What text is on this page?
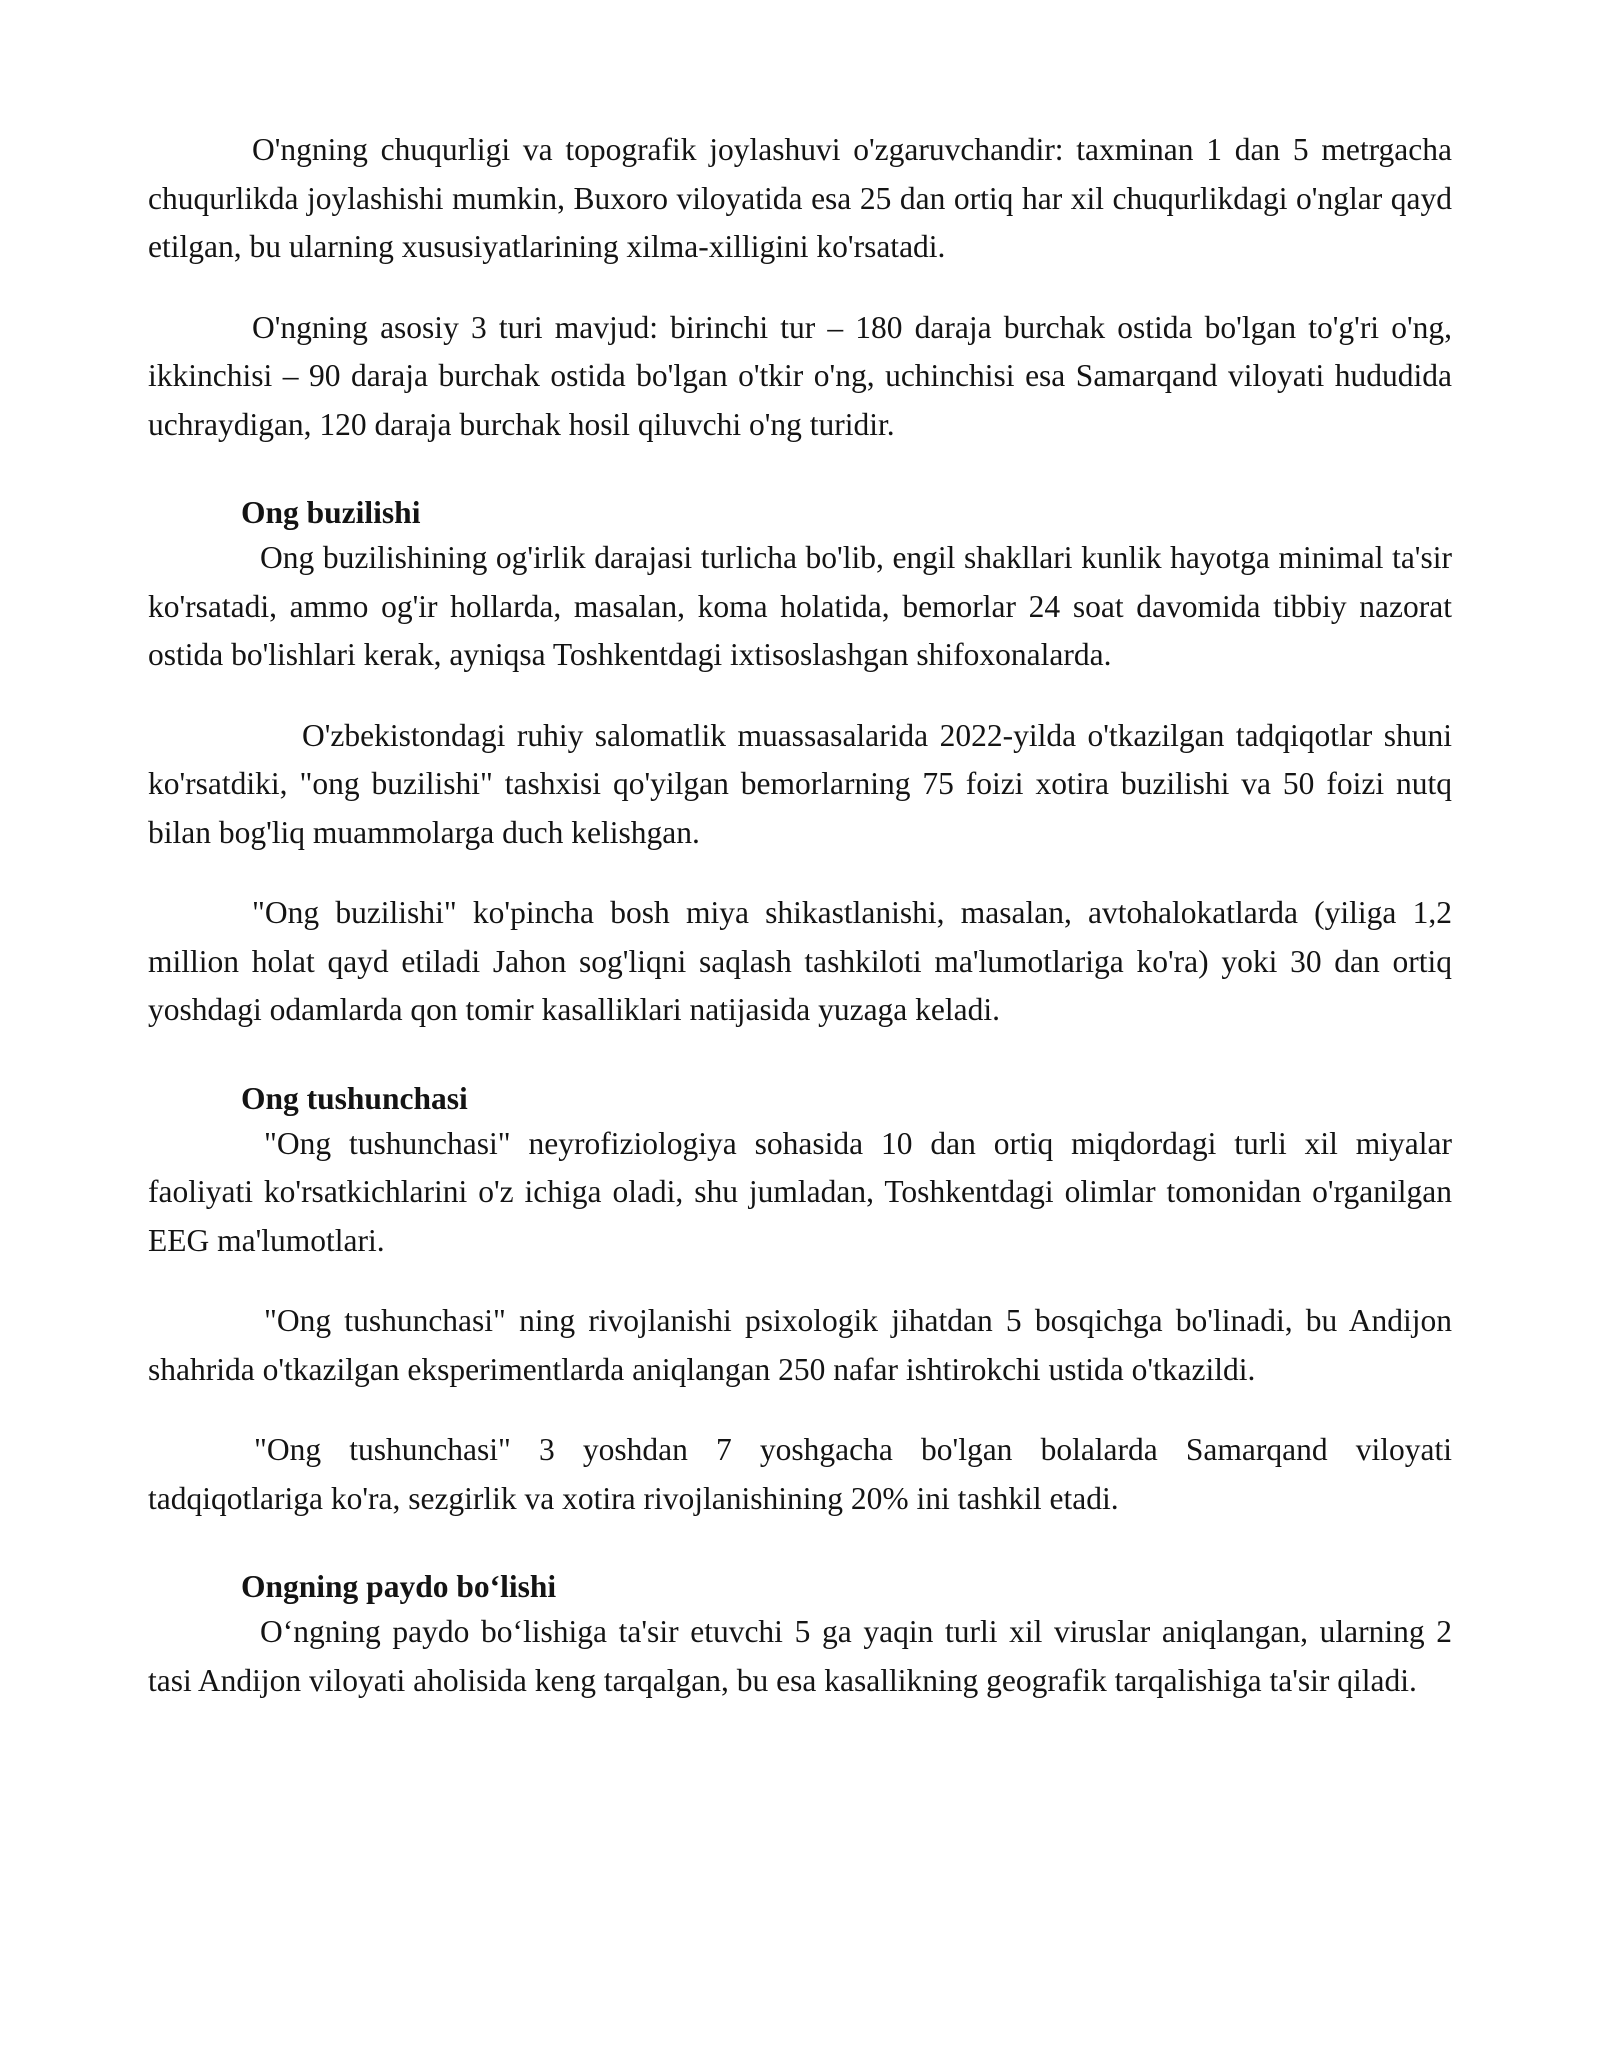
O'ngning chuqurligi va topografik joylashuvi o'zgaruvchandir: taxminan 1 dan 5 metrgacha chuqurlikda joylashishi mumkin, Buxoro viloyatida esa 25 dan ortiq har xil chuqurlikdagi o'nglar qayd etilgan, bu ularning xususiyatlarining xilma-xilligini ko'rsatadi.

O'ngning asosiy 3 turi mavjud: birinchi tur – 180 daraja burchak ostida bo'lgan to'g'ri o'ng, ikkinchisi – 90 daraja burchak ostida bo'lgan o'tkir o'ng, uchinchisi esa Samarqand viloyati hududida uchraydigan, 120 daraja burchak hosil qiluvchi o'ng turidir.

Ong buzilishi

Ong buzilishining og'irlik darajasi turlicha bo'lib, engil shakllari kunlik hayotga minimal ta'sir ko'rsatadi, ammo og'ir hollarda, masalan, koma holatida, bemorlar 24 soat davomida tibbiy nazorat ostida bo'lishlari kerak, ayniqsa Toshkentdagi ixtisoslashgan shifoxonalarda.

O'zbekistondagi ruhiy salomatlik muassasalarida 2022-yilda o'tkazilgan tadqiqotlar shuni ko'rsatdiki, "ong buzilishi" tashxisi qo'yilgan bemorlarning 75 foizi xotira buzilishi va 50 foizi nutq bilan bog'liq muammolarga duch kelishgan.

"Ong buzilishi" ko'pincha bosh miya shikastlanishi, masalan, avtohalokatlarda (yiliga 1,2 million holat qayd etiladi Jahon sog'liqni saqlash tashkiloti ma'lumotlariga ko'ra) yoki 30 dan ortiq yoshdagi odamlarda qon tomir kasalliklari natijasida yuzaga keladi.

Ong tushunchasi

"Ong tushunchasi" neyrofiziologiya sohasida 10 dan ortiq miqdordagi turli xil miyalar faoliyati ko'rsatkichlarini o'z ichiga oladi, shu jumladan, Toshkentdagi olimlar tomonidan o'rganilgan EEG ma'lumotlari.

"Ong tushunchasi" ning rivojlanishi psixologik jihatdan 5 bosqichga bo'linadi, bu Andijon shahrida o'tkazilgan eksperimentlarda aniqlangan 250 nafar ishtirokchi ustida o'tkazildi.

"Ong tushunchasi" 3 yoshdan 7 yoshgacha bo'lgan bolalarda Samarqand viloyati tadqiqotlariga ko'ra, sezgirlik va xotira rivojlanishining 20% ini tashkil etadi.

Ongning paydo boʻlishi

Oʻngning paydo boʻlishiga ta'sir etuvchi 5 ga yaqin turli xil viruslar aniqlangan, ularning 2 tasi Andijon viloyati aholisida keng tarqalgan, bu esa kasallikning geografik tarqalishiga ta'sir qiladi.
